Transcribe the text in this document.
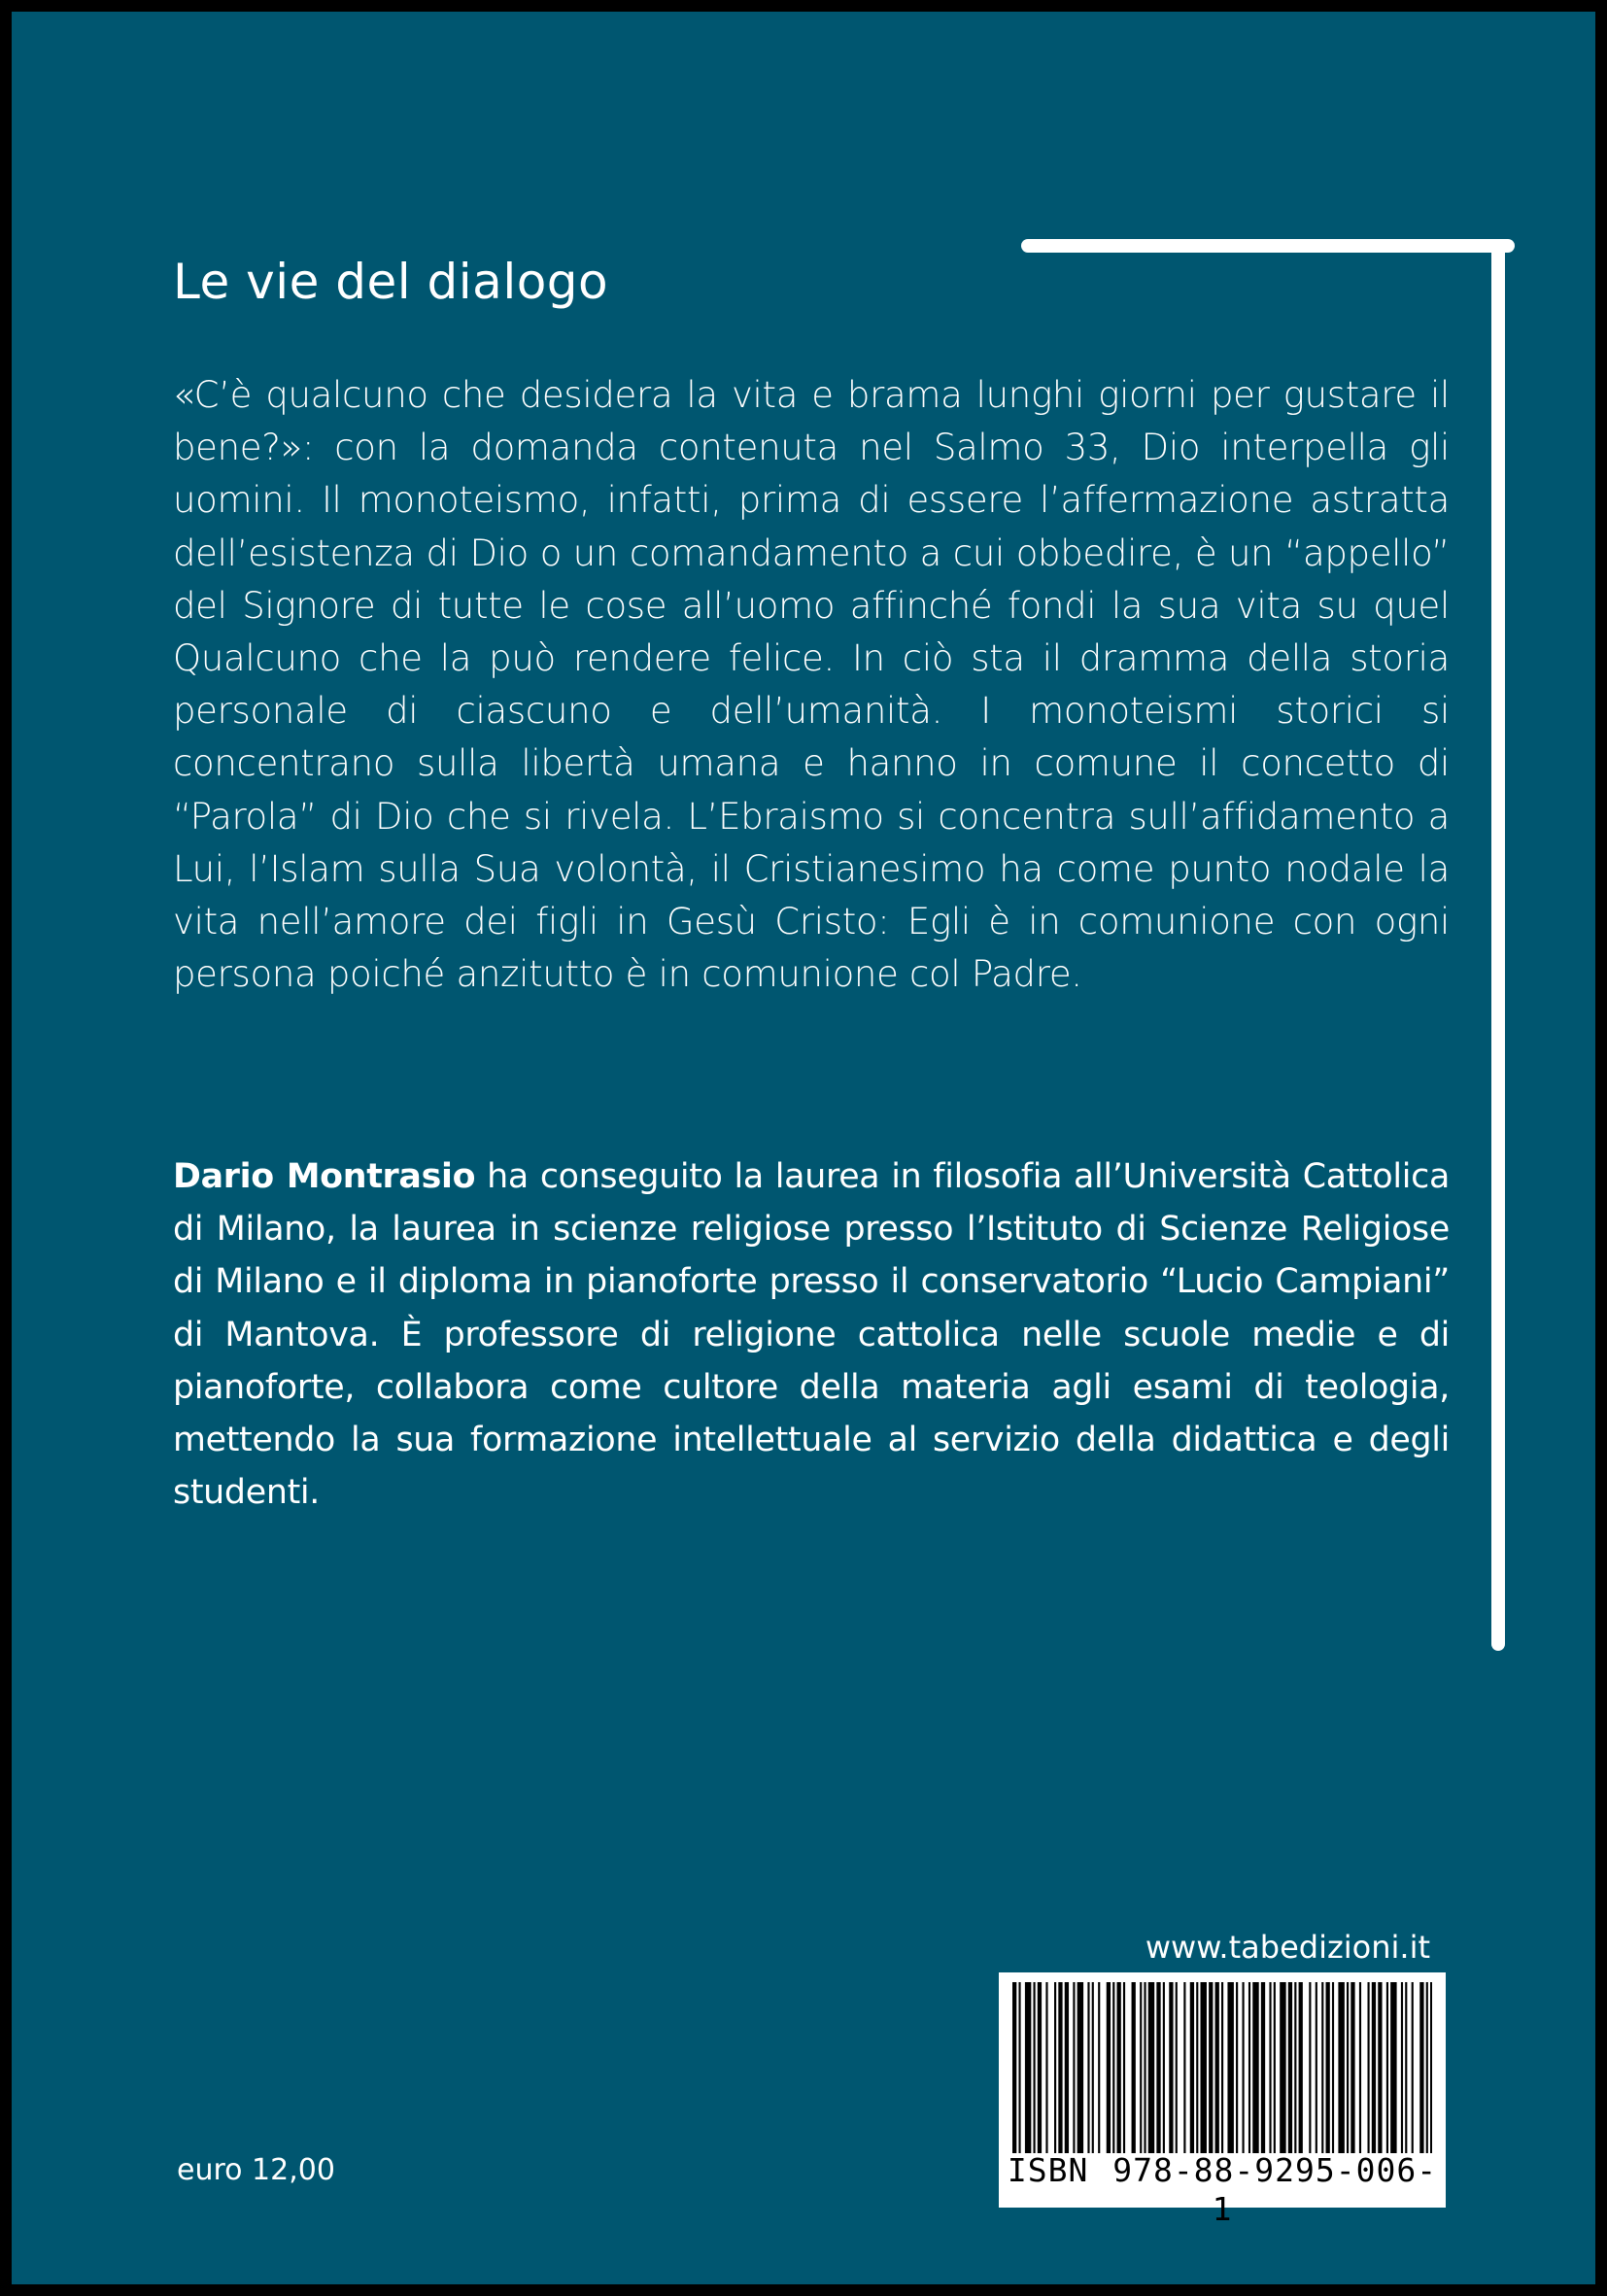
Le vie del dialogo

«C’è qualcuno che desidera la vita e brama lunghi giorni per gustare il bene?»: con la domanda contenuta nel Salmo 33, Dio interpella gli uomini. Il monoteismo, infatti, prima di essere l’affermazione astratta dell’esistenza di Dio o un comandamento a cui obbedire, è un “appello” del Signore di tutte le cose all’uomo affinché fondi la sua vita su quel Qualcuno che la può rendere felice. In ciò sta il dramma della storia personale di ciascuno e dell’umanità. I monoteismi storici si concentrano sulla libertà umana e hanno in comune il concetto di “Parola” di Dio che si rivela. L’Ebraismo si concentra sull’affidamento a Lui, l’Islam sulla Sua volontà, il Cristianesimo ha come punto nodale la vita nell’amore dei figli in Gesù Cristo: Egli è in comunione con ogni persona poiché anzitutto è in comunione col Padre.

Dario Montrasio ha conseguito la laurea in filosofia all’Università Cattolica di Milano, la laurea in scienze religiose presso l’Istituto di Scienze Religiose di Milano e il diploma in pianoforte presso il conservatorio “Lucio Campiani” di Mantova. È professore di religione cattolica nelle scuole medie e di pianoforte, collabora come cultore della materia agli esami di teologia, mettendo la sua formazione intellettuale al servizio della didattica e degli studenti.

euro 12,00

www.tabedizioni.it

ISBN 978-88-9295-006-1
